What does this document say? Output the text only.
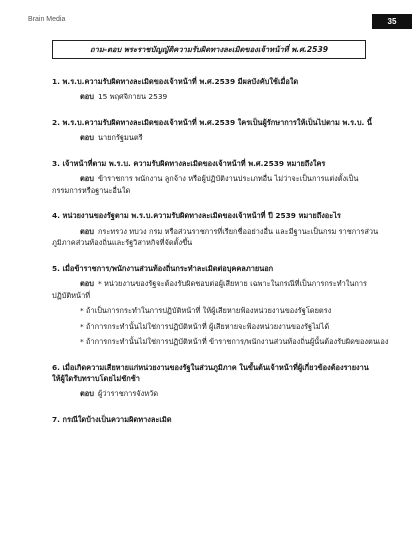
Brain Media	35
ถาม-ตอบ พระราชบัญญัติความรับผิดทางละเมิดของเจ้าหน้าที่ พ.ศ.2539

1. พ.ร.บ.ความรับผิดทางละเมิดของเจ้าหน้าที่ พ.ศ.2539 มีผลบังคับใช้เมื่อใด

ตอบ 15 พฤศจิกายน 2539

2. พ.ร.บ.ความรับผิดทางละเมิดของเจ้าหน้าที่ พ.ศ.2539 ใครเป็นผู้รักษาการให้เป็นไปตาม พ.ร.บ. นี้

ตอบ นายกรัฐมนตรี

3. เจ้าหน้าที่ตาม พ.ร.บ. ความรับผิดทางละเมิดของเจ้าหน้าที่ พ.ศ.2539 หมายถึงใคร

ตอบ ข้าราชการ พนักงาน ลูกจ้าง หรือผู้ปฏิบัติงานประเภทอื่น ไม่ว่าจะเป็นการแต่งตั้งเป็น

กรรมการหรือฐานะอื่นใด

4. หน่วยงานของรัฐตาม พ.ร.บ.ความรับผิดทางละเมิดของเจ้าหน้าที่ ปี 2539 หมายถึงอะไร

ตอบ กระทรวง ทบวง กรม หรือส่วนราชการที่เรียกชื่ออย่างอื่น และมีฐานะเป็นกรม ราชการส่วน

ภูมิภาคส่วนท้องถิ่นและรัฐวิสาหกิจที่จัดตั้งขึ้น

5. เมื่อข้าราชการ/พนักงานส่วนท้องถิ่นกระทำละเมิดต่อบุคคลภายนอก

ตอบ * หน่วยงานของรัฐจะต้องรับผิดชอบต่อผู้เสียหาย เฉพาะในกรณีที่เป็นการกระทำในการ

ปฏิบัติหน้าที่

* ถ้าเป็นการกระทำในการปฏิบัติหน้าที่ ให้ผู้เสียหายฟ้องหน่วยงานของรัฐโดยตรง

* ถ้าการกระทำนั้นไม่ใช่การปฏิบัติหน้าที่ ผู้เสียหายจะฟ้องหน่วยงานของรัฐไม่ได้

* ถ้าการกระทำนั้นไม่ใช่การปฏิบัติหน้าที่ ข้าราชการ/พนักงานส่วนท้องถิ่นผู้นั้นต้องรับผิดของตนเอง

6. เมื่อเกิดความเสียหายแก่หน่วยงานของรัฐในส่วนภูมิภาค ในขั้นต้นเจ้าหน้าที่ผู้เกี่ยวข้องต้องรายงาน

ให้ผู้ใดรับทราบโดยไม่ชักช้า

ตอบ ผู้ว่าราชการจังหวัด

7. กรณีใดบ้างเป็นความผิดทางละเมิด
